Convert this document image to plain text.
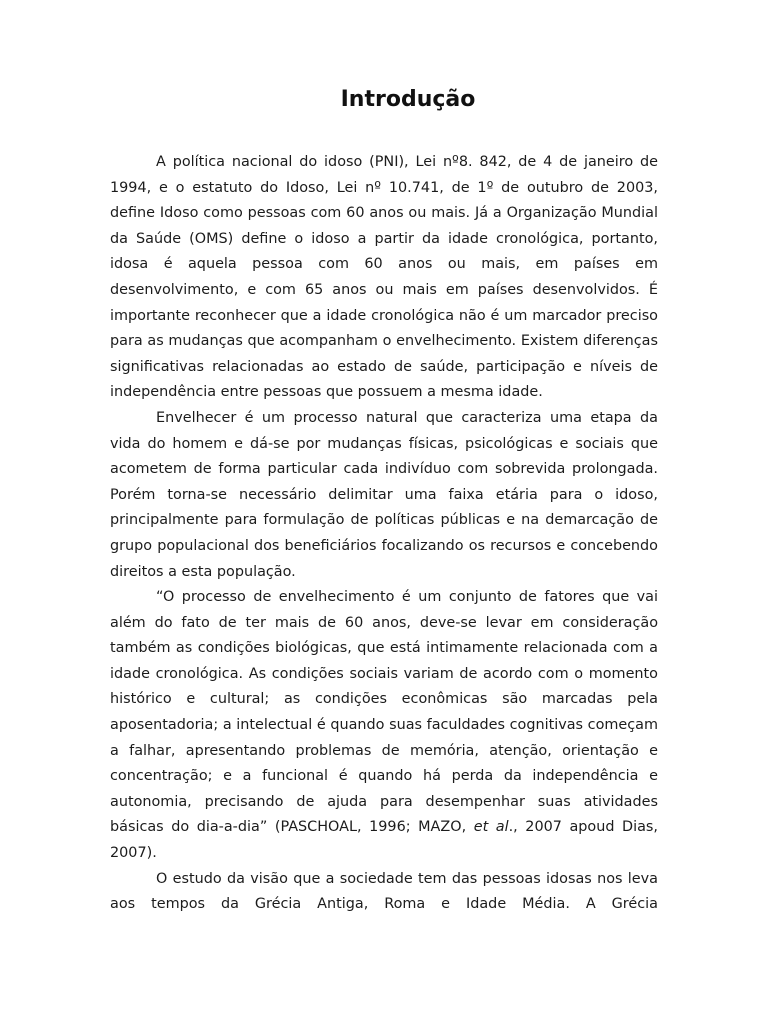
Introdução

A política nacional do idoso (PNI), Lei nº8. 842, de 4 de janeiro de 1994, e o estatuto do Idoso, Lei nº 10.741, de 1º de outubro de 2003, define Idoso como pessoas com 60 anos ou mais. Já a Organização Mundial da Saúde (OMS) define o idoso a partir da idade cronológica, portanto, idosa é aquela pessoa com 60 anos ou mais, em países em desenvolvimento, e com 65 anos ou mais em países desenvolvidos. É importante reconhecer que a idade cronológica não é um marcador preciso para as mudanças que acompanham o envelhecimento. Existem diferenças significativas relacionadas ao estado de saúde, participação e níveis de independência entre pessoas que possuem a mesma idade.

Envelhecer é um processo natural que caracteriza uma etapa da vida do homem e dá-se por mudanças físicas, psicológicas e sociais que acometem de forma particular cada indivíduo com sobrevida prolongada. Porém torna-se necessário delimitar uma faixa etária para o idoso, principalmente para formulação de políticas públicas e na demarcação de grupo populacional dos beneficiários focalizando os recursos e concebendo direitos a esta população.

“O processo de envelhecimento é um conjunto de fatores que vai além do fato de ter mais de 60 anos, deve-se levar em consideração também as condições biológicas, que está intimamente relacionada com a idade cronológica. As condições sociais variam de acordo com o momento histórico e cultural; as condições econômicas são marcadas pela aposentadoria; a intelectual é quando suas faculdades cognitivas começam a falhar, apresentando problemas de memória, atenção, orientação e concentração; e a funcional é quando há perda da independência e autonomia, precisando de ajuda para desempenhar suas atividades básicas do dia-a-dia” (PASCHOAL, 1996; MAZO, et al., 2007 apoud Dias, 2007).

O estudo da visão que a sociedade tem das pessoas idosas nos leva aos tempos da Grécia Antiga, Roma e Idade Média. A Grécia
